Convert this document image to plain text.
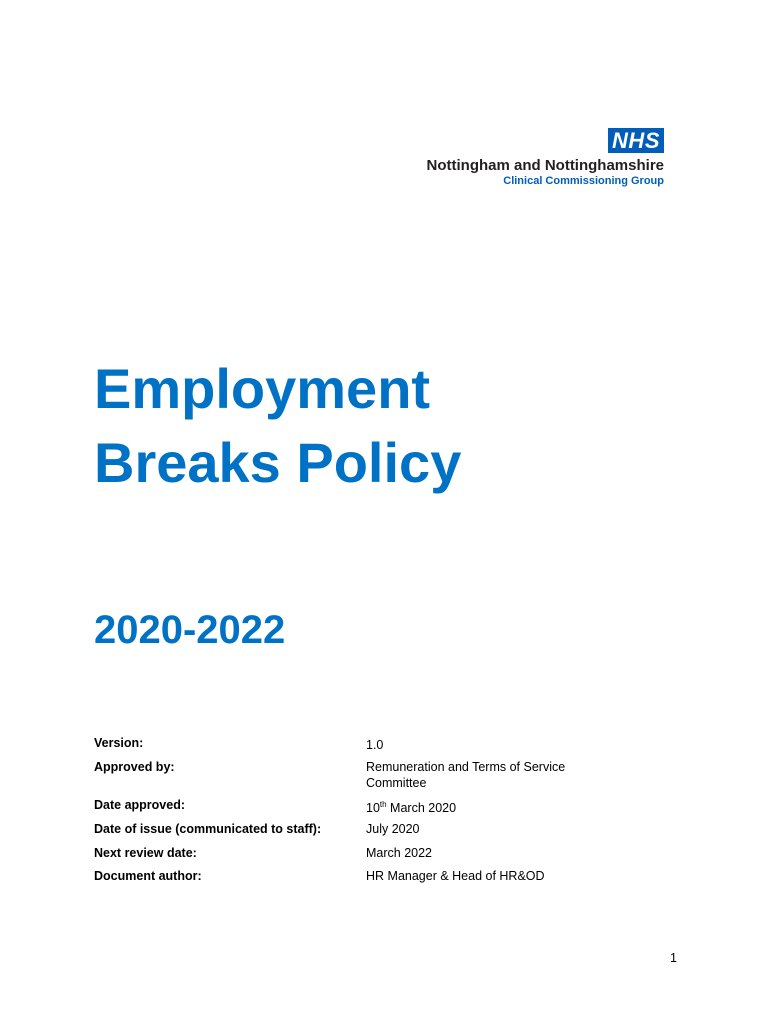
NHS
Nottingham and Nottinghamshire
Clinical Commissioning Group
Employment
Breaks Policy
2020-2022
Version:	1.0
Approved by:	Remuneration and Terms of Service
Committee
Date approved:	10th March 2020
Date of issue (communicated to staff):	July 2020
Next review date:	March 2022
Document author:	HR Manager & Head of HR&OD
1
